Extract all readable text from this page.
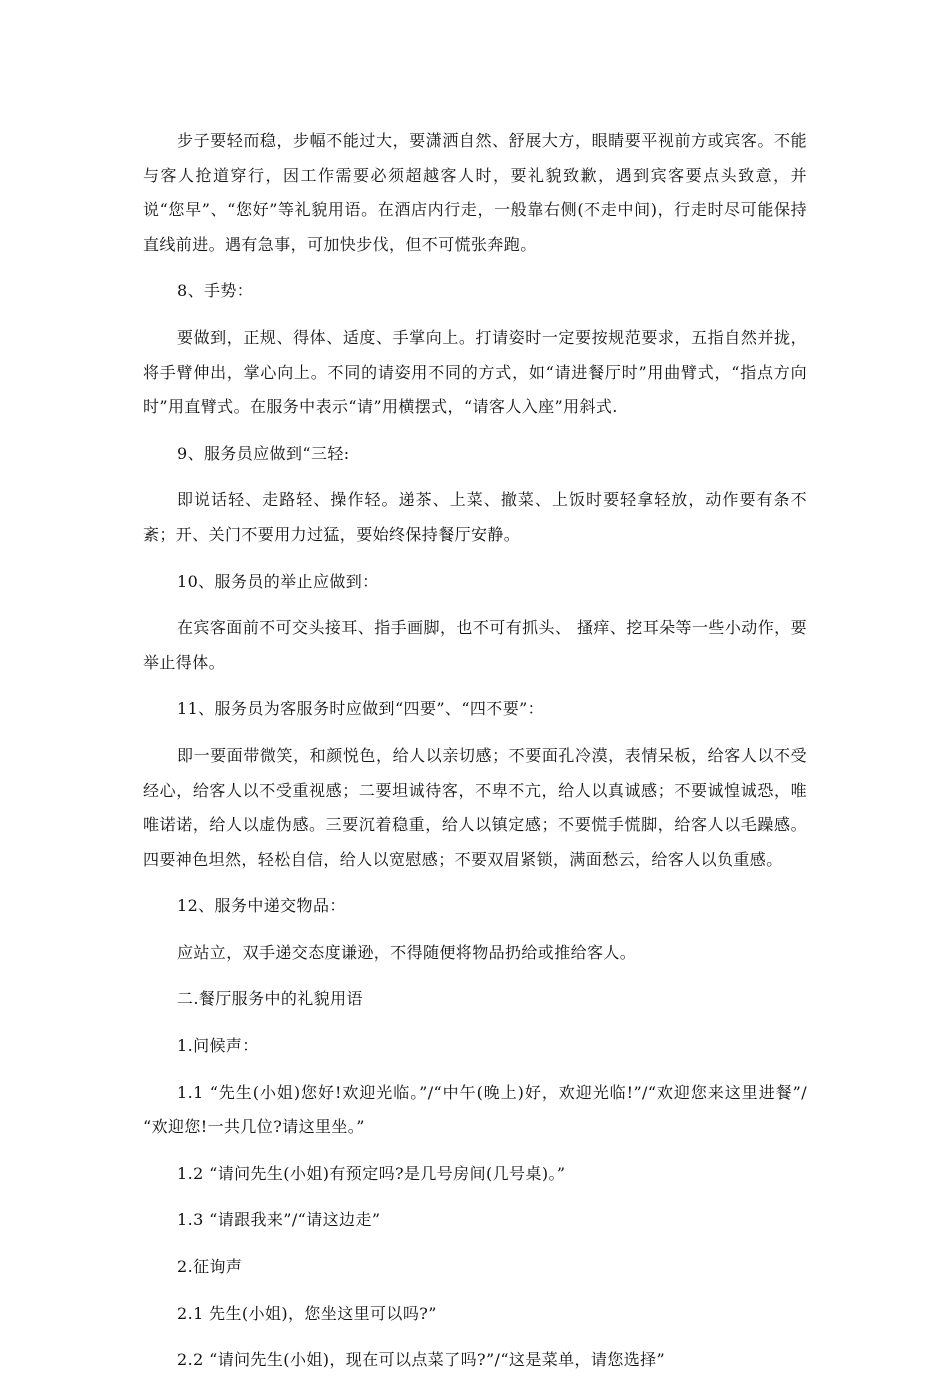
步子要轻而稳，步幅不能过大，要潇洒自然、舒展大方，眼睛要平视前方或宾客。不能与客人抢道穿行，因工作需要必须超越客人时，要礼貌致歉，遇到宾客要点头致意，并说“您早”、“您好”等礼貌用语。在酒店内行走，一般靠右侧(不走中间)，行走时尽可能保持直线前进。遇有急事，可加快步伐，但不可慌张奔跑。

8、手势：

要做到，正规、得体、适度、手掌向上。打请姿时一定要按规范要求，五指自然并拢，将手臂伸出，掌心向上。不同的请姿用不同的方式，如“请进餐厅时”用曲臂式，“指点方向时”用直臂式。在服务中表示“请”用横摆式，“请客人入座”用斜式.

9、服务员应做到“三轻:

即说话轻、走路轻、操作轻。递茶、上菜、撤菜、上饭时要轻拿轻放，动作要有条不紊；开、关门不要用力过猛，要始终保持餐厅安静。

10、服务员的举止应做到：

在宾客面前不可交头接耳、指手画脚，也不可有抓头、 搔痒、挖耳朵等一些小动作，要举止得体。

11、服务员为客服务时应做到“四要”、“四不要”：

即一要面带微笑，和颜悦色，给人以亲切感；不要面孔冷漠，表情呆板，给客人以不受经心，给客人以不受重视感；二要坦诚待客，不卑不亢，给人以真诚感；不要诚惶诚恐，唯唯诺诺，给人以虚伪感。三要沉着稳重，给人以镇定感；不要慌手慌脚，给客人以毛躁感。四要神色坦然，轻松自信，给人以宽慰感；不要双眉紧锁，满面愁云，给客人以负重感。

12、服务中递交物品：

应站立，双手递交态度谦逊，不得随便将物品扔给或推给客人。

二.餐厅服务中的礼貌用语

1.问候声：

1.1 “先生(小姐)您好!欢迎光临。”/“中午(晚上)好，欢迎光临!”/“欢迎您来这里进餐”/ “欢迎您!一共几位?请这里坐。”

1.2 “请问先生(小姐)有预定吗?是几号房间(几号桌)。”

1.3 “请跟我来”/“请这边走”

2.征询声

2.1 先生(小姐)，您坐这里可以吗?”

2.2 “请问先生(小姐)，现在可以点菜了吗?”/“这是菜单，请您选择”
